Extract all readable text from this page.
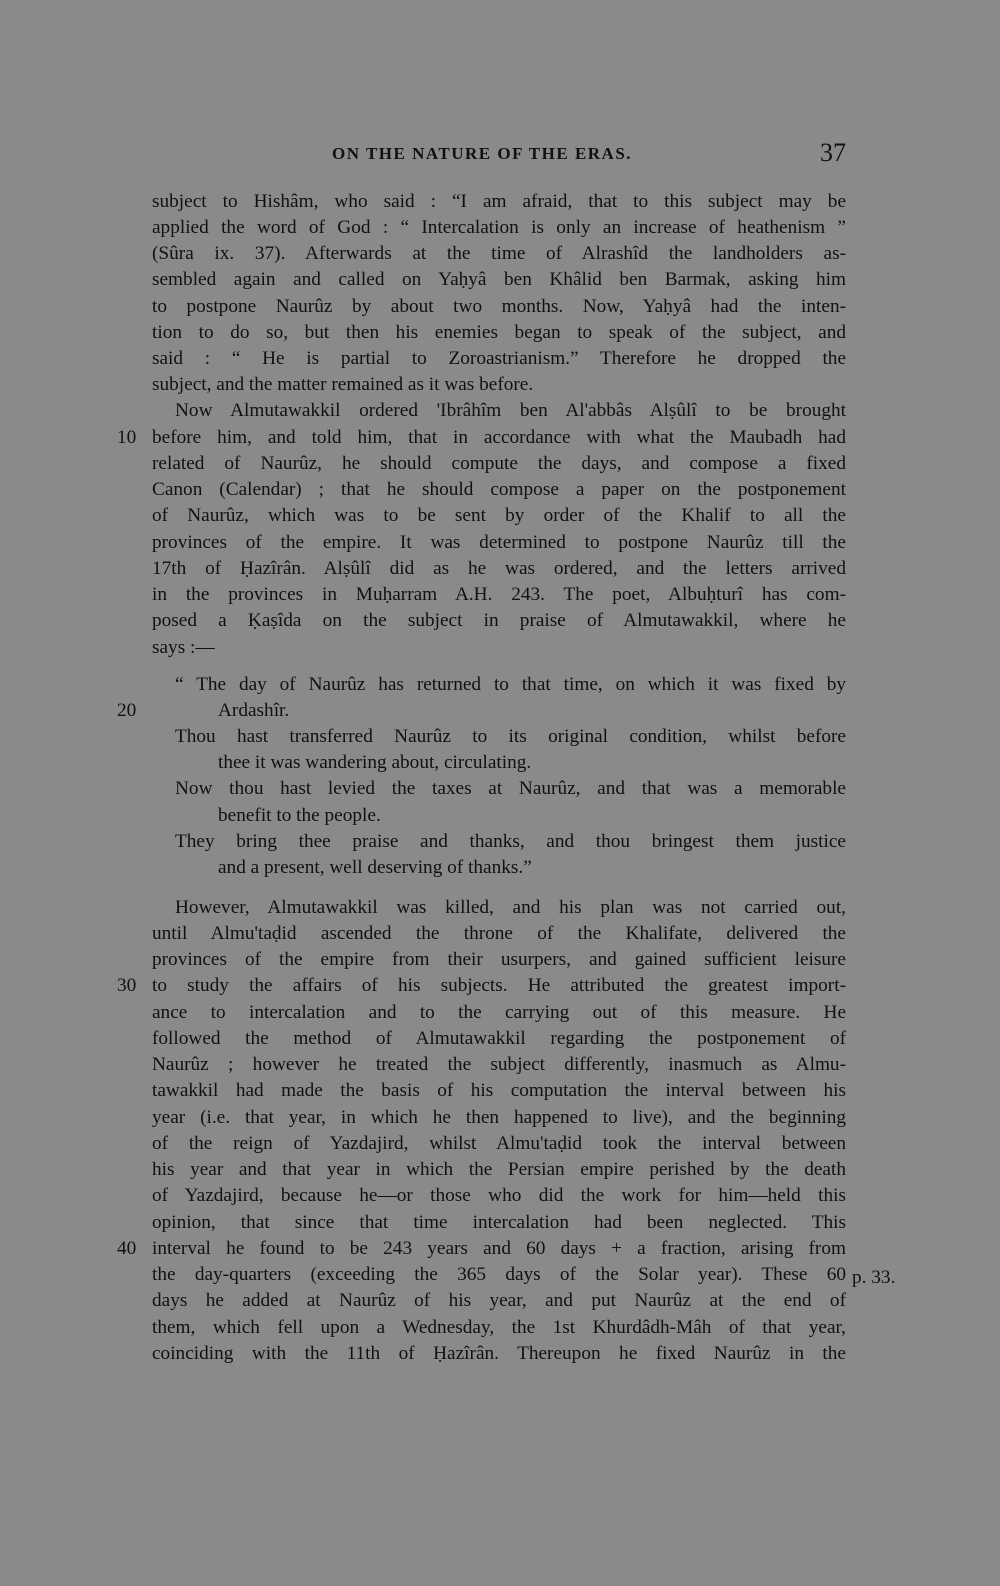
ON THE NATURE OF THE ERAS.	37
subject to Hishâm, who said : “I am afraid, that to this subject may be
applied the word of God : “ Intercalation is only an increase of heathenism ”
(Sûra ix. 37). Afterwards at the time of Alrashîd the landholders as-
sembled again and called on Yaḥyâ ben Khâlid ben Barmak, asking him
to postpone Naurûz by about two months. Now, Yaḥyâ had the inten-
tion to do so, but then his enemies began to speak of the subject, and
said : “ He is partial to Zoroastrianism.” Therefore he dropped the
subject, and the matter remained as it was before.
Now Almutawakkil ordered 'Ibrâhîm ben Al'abbâs Alṣûlî to be brought
before him, and told him, that in accordance with what the Maubadh had
related of Naurûz, he should compute the days, and compose a fixed
Canon (Calendar) ; that he should compose a paper on the postponement
of Naurûz, which was to be sent by order of the Khalif to all the
provinces of the empire. It was determined to postpone Naurûz till the
17th of Ḥazîrân. Alṣûlî did as he was ordered, and the letters arrived
in the provinces in Muḥarram A.H. 243. The poet, Albuḥturî has com-
posed a Ḳaṣîda on the subject in praise of Almutawakkil, where he
says :—
“ The day of Naurûz has returned to that time, on which it was fixed by
Ardashîr.
Thou hast transferred Naurûz to its original condition, whilst before
thee it was wandering about, circulating.
Now thou hast levied the taxes at Naurûz, and that was a memorable
benefit to the people.
They bring thee praise and thanks, and thou bringest them justice
and a present, well deserving of thanks.”
However, Almutawakkil was killed, and his plan was not carried out,
until Almu'taḍid ascended the throne of the Khalifate, delivered the
provinces of the empire from their usurpers, and gained sufficient leisure
to study the affairs of his subjects. He attributed the greatest import-
ance to intercalation and to the carrying out of this measure. He
followed the method of Almutawakkil regarding the postponement of
Naurûz ; however he treated the subject differently, inasmuch as Almu-
tawakkil had made the basis of his computation the interval between his
year (i.e. that year, in which he then happened to live), and the beginning
of the reign of Yazdajird, whilst Almu'taḍid took the interval between
his year and that year in which the Persian empire perished by the death
of Yazdajird, because he—or those who did the work for him—held this
opinion, that since that time intercalation had been neglected. This
interval he found to be 243 years and 60 days + a fraction, arising from
the day-quarters (exceeding the 365 days of the Solar year). These 60
days he added at Naurûz of his year, and put Naurûz at the end of
them, which fell upon a Wednesday, the 1st Khurdâdh-Mâh of that year,
coinciding with the 11th of Ḥazîrân. Thereupon he fixed Naurûz in the
10
20
30
40
p. 33.
